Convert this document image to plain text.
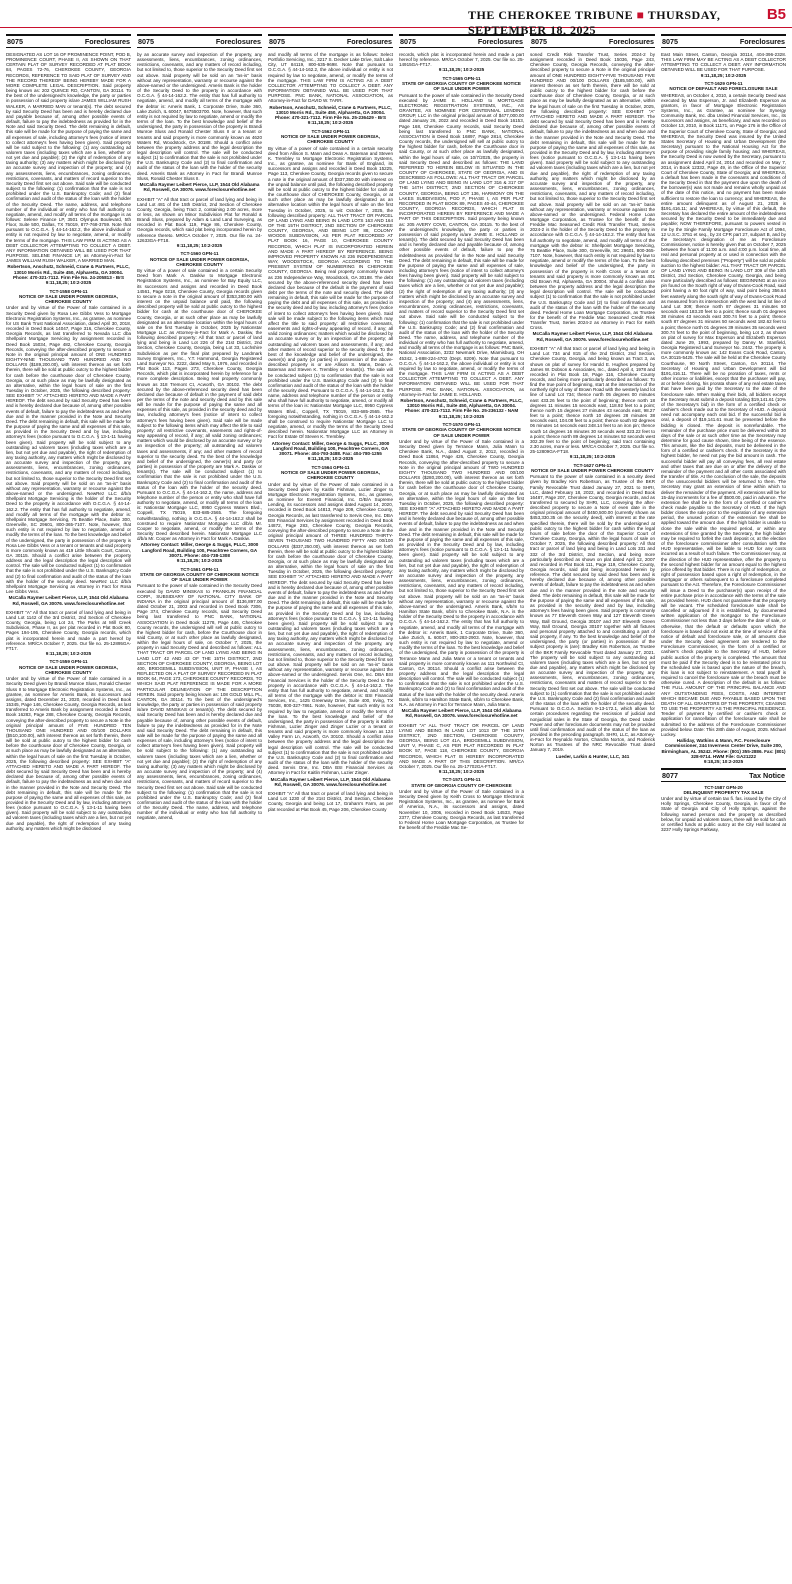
THE CHEROKEE TRIBUNE ■ THURSDAY, SEPTEMBER 18, 2025
B5
8075	Foreclosures
DESIGNATED AS LOT 16 OF PROMINENCE POINT, POD B, PROMINENCE COURT, PHASE II, AS SHOWN ON THAT CERTAIN PLAT OF SURVEY RECORDED AT PLAT BOOK 84, PAGES 72-76, CHEROKEE COUNTY, GEORGIA RECORDS, REFERENCE TO SAID PLAT OF SURVEY AND THE RECORD THEREOF BEING HEREBY MADE FOR A MORE COMPLETE LEGAL DESCRIPTION. Said property being known as: 202 QUINCE RD, CANTON, GA 30114. To the best of the undersigned's knowledge, the party or parties in possession of said property is/are JAMES WILLIAM RUSH WALKER, A MARRIED MAN or tenant(s). The debt secured by said Security Deed has been and is hereby declared due and payable because of, among other possible events of default, failure to pay the indebtedness as provided for in the Note and said Security Deed. The debt remaining in default, this sale will be made for the purpose of paying the same and all expenses of sale, including attorney's fees (notice of intent to collect attorney's fees having been given). Said property will be sold subject to the following: (1) any outstanding ad valorem taxes (including taxes which are a lien, whether or not yet due and payable); (2) the right of redemption of any taxing authority; (3) any matters which might be disclosed by an accurate survey and inspection of the property; and (4) any assessments, liens, encumbrances, zoning ordinances, restrictions, covenants, and matters of record superior to the Security Deed first set out above. Said sale will be conducted subject to the following: (1) confirmation that the sale is not prohibited under the U.S. Bankruptcy Code; and (2) final confirmation and audit of the status of the loan with the holder of the Security Deed. The name, address, and telephone number of the individual or entity who has full authority to negotiate, amend, and modify all terms of the mortgage is as follows: Selene Finance LP, 3501 Olympus Boulevard, 5th Floor, Suite 500, Dallas, TX 75019, 877-768-3759. Note that pursuant to O.C.G.A. § 44-14-162.2, the above individual or entity is not required by law to negotiate, amend, or modify the terms of the mortgage. THIS LAW FIRM IS ACTING AS A DEBT COLLECTOR ATTEMPTING TO COLLECT A DEBT. ANY INFORMATION OBTAINED WILL BE USED FOR THAT PURPOSE. SELENE FINANCE LP, as Attorney-in-Fact for JAMES WILLIAM RUSH WALKER, A MARRIED MAN.
Robertson, Anschutz, Schneid, Crane & Partners, PLLC, 13010 Morris Rd., Suite 450, Alpharetta, GA 30004. Phone: 470-321-7112. Firm File No. 24-205813 - BrS
9:11,18,25; 10:2-2025
TCT-1558 GPN-11
NOTICE OF SALE UNDER POWER GEORGIA, CHEROKEE COUNTY
Under and by virtue of the Power of Sale contained in a Security Deed given by Rosa Lee Gibbs Vess to Mortgage Electronic Registration Systems, Inc., as grantee, as nominee for US Bank Trust National Association, dated April 30, 2018, recorded in Deed Book 14047, Page 316, Cherokee County, Georgia Records, as last transferred to Nevada LLC dba Shellpoint Mortgage Servicing by assignment recorded in Deed Book 15034, Page 482, Cherokee County, Georgia Records, conveying the after-described property to secure a Note in the original principal amount of ONE HUNDRED EIGHTY-NINE THOUSAND TWO HUNDRED AND NO DOLLARS ($189,200.00), with interest thereon as set forth therein, there will be sold at public outcry to the highest bidder for cash before the courthouse door of Cherokee County, Georgia, or at such place as may be lawfully designated as an alternative, within the legal hours of sale on the first Tuesday in October, 2025, the following described property: SEE EXHIBIT "A" ATTACHED HERETO AND MADE A PART HEREOF. The debt secured by said Security Deed has been and is hereby declared due because of, among other possible events of default, failure to pay the indebtedness as and when due and in the manner provided in the Note and Security Deed. The debt remaining in default, this sale will be made for the purpose of paying the same and all expenses of this sale, as provided in the Security Deed and by law, including attorney's fees (notice pursuant to O.C.G.A. § 13-1-11 having been given). Said property will be sold subject to any outstanding ad valorem taxes (including taxes which are a lien, but not yet due and payable), the right of redemption of any taxing authority, any matters which might be disclosed by an accurate survey and inspection of the property, any assessments, liens, encumbrances, zoning ordinances, restrictions, covenants, and any matters of record including, but not limited to, those superior to the Security Deed first set out above. Said property will be sold on an "as-is" basis without any representation, warranty or recourse against the above-named or the undersigned. NewRez LLC d/b/a Shellpoint Mortgage Servicing is the holder of the Security Deed to the property in accordance with O.C.G.A. § 44-14-162.2. The entity that has full authority to negotiate, amend, and modify all terms of the mortgage with the debtor is: Shellpoint Mortgage Servicing, 75 Beattie Place, Suite 300, Greenville, SC 29601, 800-365-7107. Note, however, that such entity is not required by law to negotiate, amend or modify the terms of the loan. To the best knowledge and belief of the undersigned, the party in possession of the property is Rosa Lee Gibbs Vess or a tenant or tenants and said property is more commonly known as 419 Little Shoals Court, Canton, GA 30115. Should a conflict arise between the property address and the legal description the legal description will control. The sale will be conducted subject (1) to confirmation that the sale is not prohibited under the U.S. Bankruptcy Code and (2) to final confirmation and audit of the status of the loan with the holder of the security deed. NewRez LLC d/b/a Shellpoint Mortgage Servicing as Attorney in Fact for Rosa Lee Gibbs Vess.
McCalla Raymer Leibert Pierce, LLP, 1544 Old Alabama Rd, Roswell, GA 30076. www.foreclosurehotline.net
EXHIBIT "A" All that tract or parcel of land lying and being in Land Lot 1142 of the 3rd District, 2nd Section of Cherokee County, Georgia, being Lot 24, The Parks at Mill Creek Subdivision, Phase II, as per plat recorded in Plat Book 80, Pages 194-195, Cherokee County, Georgia records, which plat is incorporated herein and made a part hereof by reference. MR/CA October 7, 2025. Our file no. 25-12895GA-FT17.
9:11,18,25; 10:2-2025
TCT-1559 GPN-11
NOTICE OF SALE UNDER POWER GEORGIA, CHEROKEE COUNTY
Under and by virtue of the Power of Sale contained in a Security Deed given by Brandi Munroe Sluss, Ronald Chester Sluss II to Mortgage Electronic Registration Systems, Inc., as grantee, as nominee for Ameris Bank, its successors and assigns, dated December 21, 2020, recorded in Deed Book 15345, Page 146, Cherokee County, Georgia Records, as last transferred to Ameris Bank by assignment recorded in Deed Book 16283, Page 288, Cherokee County, Georgia Records, conveying the after-described property to secure a Note in the original principal amount of FIVE HUNDRED TEN THOUSAND ONE HUNDRED AND 00/100 DOLLARS ($510,100.00), with interest thereon as set forth therein, there will be sold at public outcry to the highest bidder for cash before the courthouse door of Cherokee County, Georgia, or at such place as may be lawfully designated as an alternative, within the legal hours of sale on the first Tuesday in October, 2025, the following described property: SEE EXHIBIT "A" ATTACHED HERETO AND MADE A PART HEREOF. The debt secured by said Security Deed has been and is hereby declared due because of, among other possible events of default, failure to pay the indebtedness as and when due and in the manner provided in the Note and Security Deed. The debt remaining in default, this sale will be made for the purpose of paying the same and all expenses of this sale, as provided in the Security Deed and by law, including attorney's fees (notice pursuant to O.C.G.A. § 13-1-11 having been given). Said property will be sold subject to any outstanding ad valorem taxes (including taxes which are a lien, but not yet due and payable), the right of redemption of any taxing authority, any matters which might be disclosed
8075	Foreclosures
by an accurate survey and inspection of the property, any assessments, liens, encumbrances, zoning ordinances, restrictions, covenants, and any matters of record including, but not limited to, those superior to the Security Deed first set out above. Said property will be sold on an "as-is" basis without any representation, warranty or recourse against the above-named or the undersigned. Ameris Bank is the holder of the Security Deed to the property in accordance with O.C.G.A. § 44-14-162.2. The entity that has full authority to negotiate, amend, and modify all terms of the mortgage with the debtor is: Ameris Bank, 1 Corporate Drive, Suite 360, Lake Zurich, IL 60047, 8475503700. Note, however, that such entity is not required by law to negotiate, amend or modify the terms of the loan. To the best knowledge and belief of the undersigned, the party in possession of the property is Brandi Munroe Sluss and Ronald Chester Sluss II or a tenant or tenants and said property is more commonly known as 4620 Waters Rd, Woodstock, GA 30188. Should a conflict arise between the property address and the legal description the legal description will control. The sale will be conducted subject (1) to confirmation that the sale is not prohibited under the U.S. Bankruptcy Code and (2) to final confirmation and audit of the status of the loan with the holder of the security deed. Ameris Bank as Attorney in Fact for Brandi Munroe Sluss, Ronald Chester Sluss II.
McCalla Raymer Leibert Pierce, LLP, 1544 Old Alabama Rd, Roswell, GA 30076. www.foreclosurehotline.net
EXHIBIT "A" All that tract or parcel of land lying and being in Land Lot 481 of the 15th District, 2nd Section of Cherokee County, Georgia, being Tract 2, containing 2.00 acres, more or less, as shown on Minor Subdivision Plat for Ronald & Brandi Sluss, prepared by Adam & Land Land Surveying, as recorded in Plat Book 119, Page 86, Cherokee County, Georgia records, which said plat being incorporated herein by reference thereto. MR/CA October 7, 2025. Our file no. 24-12633GA-FT18.
9:11,18,25; 10:2-2025
TCT-1560 GPN-11
NOTICE OF SALE UNDER POWER GEORGIA, CHEROKEE COUNTY
By virtue of a power of sale contained in a certain Security Deed from Mark A. Daskiw to Mortgage Electronic Registration Systems, Inc., as nominee for Bay Equity LLC, its successors and assigns and recorded in Deed Book 14561, Page 0218, Cherokee County, Georgia records given to secure a note in the original amount of $353,380.00 with interest on the unpaid balance until paid, the following described property will be sold at public outcry to the highest bidder for cash at the courthouse door of CHEROKEE County, Georgia, or at such other place as may be lawfully designated as an alternative location within the legal hours of sale on the first Tuesday in October, 2025 by Nationstar Mortgage LLC as Attorney-in-Fact for Mark A. Daskiw, the following described property: All that tract or parcel of land lying and being in Land Lot 226 of the 21st District, 2nd Section, Cherokee County, Georgia, being Lot 33, Lochshire Subdivision as per the final plat prepared by Landmark Survey Engineers, Inc., Y.T. Hammond, Georgia Registered Land Surveyor No. 2222, dated May 5, 1976, and recorded in Plat Book 113, Pages 273, Cherokee County, Georgia Records, which plat is incorporated herein by reference for a more complete description. Being real property commonly known as 318 Tremont Ct, Acworth, GA 30102. The debt secured by the above-referenced security deed has been declared due because of default in the payment of said debt per the terms of the note and security deed and by this sale will be made for the purpose of paying the same and all expenses of this sale, as provided in the security deed and by law, including attorney's fees (notice of intent to collect attorney's fees having been given). Said sale will be made subject to the following items which may affect the title to said property: all restrictive covenants, easements and rights-of-way appearing of record, if any; all valid zoning ordinances; matters which would be disclosed by an accurate survey or by an inspection of the property; all outstanding ad valorem taxes and assessments, if any; and other matters of record superior to the security deed. To the best of the knowledge and belief of the undersigned, the owner(s) and party (or parties) in possession of the property are Mark A. Daskiw or tenant(s). The sale will be conducted subject (1) to confirmation that the sale is not prohibited under the U.S. Bankruptcy Code and (2) to final confirmation and audit of the status of the loan with the holder of the security deed. Pursuant to O.C.G.A. § 44-14-162.2, the name, address and telephone number of the person or entity who shall have full authority to negotiate, amend, or modify all terms of the loan is: Nationstar Mortgage LLC, 8950 Cypress Waters Blvd., Coppell, TX 75019, 833-685-2565. The foregoing notwithstanding, nothing in O.C.G.A. § 44-14-162.2 shall be construed to require Nationstar Mortgage LLC d/b/a Mr. Cooper to negotiate, amend, or modify the terms of the Security Deed described herein. Nationstar Mortgage LLC d/b/a Mr. Cooper as Attorney in Fact for Mark A. Daskiw.
Attorney Contact: Miller, George & Suggs, PLLC, 3000 Langford Road, Building 100, Peachtree Corners, GA 30071. Phone: 404-738-1308
9:11,18,25; 10:2-2025
TCT-1561 GPN-11
STATE OF GEORGIA COUNTY OF CHEROKEE NOTICE OF SALE UNDER POWER
Pursuant to the power of sale contained in the Security Deed executed by DAVID MINSKAS to FRANKLIN FINANCIAL CORP., SUBSIDIARY OF NATIONAL CITY BANK OF INDIANA in the original principal amount of $136,897.00 dated October 21, 2003 and recorded in Deed Book 7306, Page 374, Cherokee County records, said Security Deed being last transferred to PNC BANK, NATIONAL ASSOCIATION in Deed Book 11278, Page 446, Cherokee County records, the undersigned will sell at public outcry to the highest bidder for cash, before the Courthouse door in said County, or at such other place as lawfully designated, within the legal hours of sale, on October 7, 2025, the property in said Security Deed and described as follows: ALL THAT TRACT OR PARCEL OF LAND LYING AND BEING IN LAND LOT 42 AND 43 OF THE 15TH DISTRICT, 2ND SECTION OF CHEROKEE COUNTY, GEORGIA, BEING LOT 400, BRIDGEMILL SUBDIVISION, UNIT IF, PHASE I, AS REFLECTED ON A PLAT OF SURVEY RECORDED IN PLAT BOOK 64, PAGE 173, CHEROKEE COUNTY RECORDS, TO WHICH SAID PLAT REFERENCE IS MADE FOR A MORE PARTICULAR DELINEATION OF THE DESCRIPTION HEREIN. Said property being known as: 108 GOLD MILL PL, CANTON, GA 30114. To the best of the undersigned's knowledge, the party or parties in possession of said property is/are DAVID MINSKAS or tenant(s). The debt secured by said Security Deed has been and is hereby declared due and payable because of, among other possible events of default, failure to pay the indebtedness as provided for in the Note and said Security Deed. The debt remaining in default, this sale will be made for the purpose of paying the same and all expenses of sale, including attorney's fees (notice of intent to collect attorney's fees having been given). Said property will be sold subject to the following: (1) any outstanding ad valorem taxes (including taxes which are a lien, whether or not yet due and payable); (2) the right of redemption of any taxing authority; (3) any matters which might be disclosed by an accurate survey and inspection of the property; and (4) any assessments, liens, encumbrances, zoning ordinances, restrictions, covenants, and matters of record superior to the Security Deed first set out above. Said sale will be conducted subject to the following: (1) confirmation that the sale is not prohibited under the U.S. Bankruptcy Code; and (2) final confirmation and audit of the status of the loan with the holder of the Security Deed. The name, address, and telephone number of the individual or entity who has full authority to negotiate, amend,
8075	Foreclosures
and modify all terms of the mortgage is as follows: Select Portfolio Servicing, Inc., 3217 S. Decker Lake Drive, Salt Lake City, UT 84119, 800-635-9698. Note that pursuant to O.C.G.A. § 44-14-162.2, the above individual or entity is not required by law to negotiate, amend, or modify the terms of the mortgage. THIS LAW FIRM IS ACTING AS A DEBT COLLECTOR ATTEMPTING TO COLLECT A DEBT. ANY INFORMATION OBTAINED WILL BE USED FOR THAT PURPOSE. PNC BANK, NATIONAL ASSOCIATION, as Attorney-in-Fact for DAVID W. TARR.
Robertson, Anschutz, Schneid, Crane & Partners, PLLC, 13010 Morris Rd., Suite 450, Alpharetta, GA 30004. Phone: 470-321-7112. Firm File No. 25-236429 - BrS
9:11,18,25; 10:2-2025
TCT-1562 GPN-11
NOTICE OF SALE UNDER POWER GEORGIA, CHEROKEE COUNTY
By virtue of a power of sale contained in a certain security deed from Allison S. Mann and Dean A. Bateman and Steven K. Trembley to Mortgage Electronic Registration Systems, Inc., as grantee, as nominee for Bank of England, its successors and assigns and recorded in Deed Book 15225, Page 113, Cherokee County, Georgia records given to secure a note in the original amount of $337,350.00 with interest on the unpaid balance until paid, the following described property will be sold at public outcry to the highest bidder for cash at the courthouse door of CHEROKEE County, Georgia, or at such other place as may be lawfully designated as an alternative location within the legal hours of sale on the first Tuesday in October, 2025, to wit: October 7, 2025, the following described property: ALL THAT TRACT OR PARCEL OF LAND LYING AND BEING IN LAND LOTS 163 AND 164 OF THE 15TH DISTRICT, 2ND SECTION OF CHEROKEE COUNTY, GEORGIA, AND BEING LOT 88, COLONY WOODS SUBDIVISION, AS PER PLAT RECORDED AT PLAT BOOK 16, PAGE 10, CHEROKEE COUNTY RECORDS, WHICH PLAT IS INCORPORATED HEREIN AND MADE A PART HEREOF BY REFERENCE. BEING IMPROVED PROPERTY KNOWN AS 236 INDEPENDENCE WAY, WOODSTOCK, GEORGIA ACCORDING TO THE PRESENT SYSTEM OF NUMBERING IN CHEROKEE COUNTY, GEORGIA. Being real property commonly known as 236 Independence Way, Woodstock, GA 30188. The debt secured by the above-referenced security deed has been declared due because of the default in the payment of said debt per the terms of the note and security deed. The debt remaining in default, this sale will be made for the purpose of paying the debt and all expenses of this sale, as provided in the security deed and by law, including attorney's fees (notice of intent to collect attorney's fees having been given). Said sale will be made subject to the following items which may affect the title to said property: all restrictive covenants, easements and rights-of-way appearing of record, if any; all valid zoning ordinances; matters which would be disclosed by an accurate survey or by an inspection of the property; all outstanding ad valorem taxes and assessments, if any; and other matters of record superior to the security deed. To the best of the knowledge and belief of the undersigned, the owner(s) and party (or parties) in possession of the above-described property is or are Allison S. Mann, Dean A. Bateman and Steven K. Trembley or tenant(s). The sale will be conducted subject (1) to confirmation that the sale is not prohibited under the U.S. Bankruptcy Code and (2) to final confirmation and audit of the status of the loan with the holder of the security deed. Pursuant to O.C.G.A. § 44-14-162.2, the name, address and telephone number of the person or entity who shall have full authority to negotiate, amend, or modify all terms of the loan is: Nationstar Mortgage LLC, 8950 Cypress Waters Blvd., Coppell, TX 75019, 833-685-2565. The foregoing notwithstanding, nothing in O.C.G.A. § 44-14-162.2 shall be construed to require Nationstar Mortgage LLC to negotiate, amend, or modify the terms of the Security Deed described herein. Nationstar Mortgage LLC as Attorney in Fact for Estate Of Steven K. Trembley.
Attorney Contact: Miller, George & Suggs, PLLC, 3000 Langford Road, Building 100, Peachtree Corners, GA 30071. Phone: 404-793-3488. Fax: 404-780-1255
9:11,18,25; 10:2-2025
TCT-1564 GPN-11
NOTICE OF SALE UNDER POWER GEORGIA, CHEROKEE COUNTY
Under and by virtue of the Power of Sale contained in a Security Deed given by Kaitlin Fishman, Luzier Zinger to Mortgage Electronic Registration Systems, Inc., as grantee, as nominee for Everett Financial, Inc. D/B/A Supreme Lending, its successors and assigns dated August 14, 2020, recorded in Deed Book 14813, Page 209, Cherokee County, Georgia Records, as last transferred to Servis One, Inc. DBA BSI Financial Services by assignment recorded in Deed Book 14872, Page 283, Cherokee County, Georgia Records, conveying the after-described property to secure a Note in the original principal amount of THREE HUNDRED THIRTY-SEVEN THOUSAND TWO HUNDRED FIFTY AND 00/100 DOLLARS ($337,250.00), with interest thereon as set forth therein, there will be sold at public outcry to the highest bidder for cash before the courthouse door of Cherokee County, Georgia, or at such place as may be lawfully designated as an alternative, within the legal hours of sale on the first Tuesday in October, 2025, the following described property: SEE EXHIBIT "A" ATTACHED HERETO AND MADE A PART HEREOF. The debt secured by said Security Deed has been and is hereby declared due because of, among other possible events of default, failure to pay the indebtedness as and when due and in the manner provided in the Note and Security Deed. The debt remaining in default, this sale will be made for the purpose of paying the same and all expenses of this sale, as provided in the Security Deed and by law, including attorney's fees (notice pursuant to O.C.G.A. § 13-1-11 having been given). Said property will be sold subject to any outstanding ad valorem taxes (including taxes which are a lien, but not yet due and payable), the right of redemption of any taxing authority, any matters which might be disclosed by an accurate survey and inspection of the property, any assessments, liens, encumbrances, zoning ordinances, restrictions, covenants, and any matters of record including, but not limited to, those superior to the Security Deed first set out above. Said property will be sold on an "as-is" basis without any representation, warranty or recourse against the above-named or the undersigned. Servis One, Inc. DBA BSI Financial Services is the holder of the Security Deed to the property in accordance with O.C.G.A. § 44-14-162.2. The entity that has full authority to negotiate, amend, and modify all terms of the mortgage with the debtor is: BSI Financial Services, Inc., 1425 Greenway Drive, Suite 400, Irving, TX 75038, 800-327-7861. Note, however, that such entity is not required by law to negotiate, amend or modify the terms of the loan. To the best knowledge and belief of the undersigned, the party in possession of the property is Kaitlin Fishman, Luzier Zinger and Zinger Luzier or a tenant or tenants and said property is more commonly known as 124 Valley Farm Ln, Acworth, GA 30102. Should a conflict arise between the property address and the legal description the legal description will control. The sale will be conducted subject (1) to confirmation that the sale is not prohibited under the U.S. Bankruptcy Code and (2) to final confirmation and audit of the status of the loan with the holder of the security deed. Servis One, Inc. DBA BSI Financial Services as Attorney in Fact for Kaitlin Fishman, Luzier Zinger.
McCalla Raymer Leibert Pierce, LLP, 1544 Old Alabama Rd, Roswell, GA 30076. www.foreclosurehotline.net
EXHIBIT "A" All that tract or parcel of land lying and being in Land Lot 1230 of the 21st District, 2nd Section, Cherokee County, Georgia and being Lot 17, Graham's Farm, as per plat recorded at Plat Book 45, Page 206, Cherokee County
8075	Foreclosures
records, which plat is incorporated herein and made a part hereof by reference. MR/CA October 7, 2025. Our file no. 25-14915GA-FT17.
9:11,18,25; 10:2-2025
TCT-1565 GPN-11
STATE OF GEORGIA COUNTY OF CHEROKEE NOTICE OF SALE UNDER POWER
Pursuant to the power of sale contained in the Security Deed executed by JAIME E. HOLLAND to MORTGAGE ELECTRONIC REGISTRATION SYSTEMS, INC., AS GRANTEE, AS NOMINEE FOR CENTENNIAL LENDING GROUP, LLC in the original principal amount of $477,000.00 dated January 26, 2022 and recorded in Deed Book 16153, Page 168, Cherokee County records, said Security Deed being last transferred to PNC BANK, NATIONAL ASSOCIATION in Deed Book 16897, Page 2814, Cherokee County records, the undersigned will sell at public outcry to the highest bidder for cash, before the Courthouse door in said County, or at such other place as lawfully designated, within the legal hours of sale, on 10/7/2025, the property in said Security Deed and described as follows: THE LAND REFERRED TO HEREIN BELOW IS SITUATED IN THE COUNTY OF CHEROKEE, STATE OF GEORGIA, AND IS DESCRIBED AS FOLLOWS: ALL THAT TRACT OR PARCEL OF LAND LYING AND BEING IN LAND LOT 316 & 317 OF THE 14TH DISTRICT, 2ND SECTION OF CHEROKEE COUNTY, GEORGIA, BEING LOT 136, HARMONY ON THE LAKES SUBDIVISION, POD F, PHASE I, AS PER PLAT RECORDED IN PLAT BOOK 89, PAGES 40-44, CHEROKEE COUNTY, GEORGIA RECORDS, WHICH PLAT IS INCORPORATED HEREIN BY REFERENCE AND MADE A PART OF THIS DESCRIPTION. Said property being known as: 205 AVERY COVE, CANTON, GA 30115. To the best of the undersigned's knowledge, the party or parties in possession of said property is/are JAIME E. HOLLAND or tenant(s). The debt secured by said Security Deed has been and is hereby declared due and payable because of, among other possible events of default, failure to pay the indebtedness as provided for in the Note and said Security Deed. The debt remaining in default, this sale will be made for the purpose of paying the same and all expenses of sale, including attorney's fees (notice of intent to collect attorney's fees having been given). Said property will be sold subject to the following: (1) any outstanding ad valorem taxes (including taxes which are a lien, whether or not yet due and payable); (2) the right of redemption of any taxing authority; (3) any matters which might be disclosed by an accurate survey and inspection of the property; and (4) any assessments, liens, encumbrances, zoning ordinances, restrictions, covenants, and matters of record superior to the Security Deed first set out above. Said sale will be conducted subject to the following: (1) confirmation that the sale is not prohibited under the U.S. Bankruptcy Code; and (2) final confirmation and audit of the status of the loan with the holder of the Security Deed. The name, address, and telephone number of the individual or entity who has full authority to negotiate, amend, and modify all terms of the mortgage is as follows: PNC Bank, National Association, 3232 Newmark Drive, Miamisburg, OH 45342, 1-888-224-4702 (Dept. 8209). Note that pursuant to O.C.G.A. § 44-14-162.2, the above individual or entity is not required by law to negotiate, amend, or modify the terms of the mortgage. THIS LAW FIRM IS ACTING AS A DEBT COLLECTOR ATTEMPTING TO COLLECT A DEBT. ANY INFORMATION OBTAINED WILL BE USED FOR THAT PURPOSE. PNC BANK, NATIONAL ASSOCIATION, as Attorney-in-Fact for JAIME E. HOLLAND.
Robertson, Anschutz, Schneid, Crane & Partners, PLLC, 13010 Morris Rd., Suite 450, Alpharetta, GA 30004. Phone: 470-321-7112. Firm File No. 25-236132 - NAM
9:11,18,25; 10:2-2025
TCT-1570 GPN-11
STATE OF GEORGIA COUNTY OF CHEROKEE NOTICE OF SALE UNDER POWER
Under and by virtue of the Power of Sale contained in a Security Deed given by Terrance Mann, Julia Mann to Cherokee Bank, N.A., dated August 2, 2012, recorded in Deed Book 11864, Page 426, Cherokee County, Georgia Records, conveying the after-described property to secure a Note in the original principal amount of TWO HUNDRED EIGHTY THOUSAND TWO HUNDRED AND 00/100 DOLLARS ($280,200.00), with interest thereon as set forth therein, there will be sold at public outcry to the highest bidder for cash before the courthouse door of Cherokee County, Georgia, or at such place as may be lawfully designated as an alternative, within the legal hours of sale on the first Tuesday in October, 2025, the following described property: SEE EXHIBIT "A" ATTACHED HERETO AND MADE A PART HEREOF. The debt secured by said Security Deed has been and is hereby declared due because of, among other possible events of default, failure to pay the indebtedness as and when due and in the manner provided in the Note and Security Deed. The debt remaining in default, this sale will be made for the purpose of paying the same and all expenses of this sale, as provided in the Security Deed and by law, including attorney's fees (notice pursuant to O.C.G.A. § 13-1-11 having been given). Said property will be sold subject to any outstanding ad valorem taxes (including taxes which are a lien, but not yet due and payable), the right of redemption of any taxing authority, any matters which might be disclosed by an accurate survey and inspection of the property, any assessments, liens, encumbrances, zoning ordinances, restrictions, covenants, and any matters of record including, but not limited to, those superior to the Security Deed first set out above. Said property will be sold on an "as-is" basis without any representation, warranty or recourse against the above-named or the undersigned. Ameris Bank, s/b/m to Hamilton State Bank, s/b/m to Cherokee Bank, N.A. is the holder of the Security Deed to the property in accordance with O.C.G.A. § 44-14-162.2. The entity that has full authority to negotiate, amend, and modify all terms of the mortgage with the debtor is: Ameris Bank, 1 Corporate Drive, Suite 360, Lake Zurich, IL 60047, 800-283-2903. Note, however, that such entity is not required by law to negotiate, amend or modify the terms of the loan. To the best knowledge and belief of the undersigned, the party in possession of the property is Terrance Mann and Julia Mann or a tenant or tenants and said property is more commonly known as 111 Northwind Ct, Canton, GA 30114. Should a conflict arise between the property address and the legal description the legal description will control. The sale will be conducted subject (1) to confirmation that the sale is not prohibited under the U.S. Bankruptcy Code and (2) to final confirmation and audit of the status of the loan with the holder of the security deed. Ameris Bank, s/b/m to Hamilton State Bank, s/b/m to Cherokee Bank, N.A. as Attorney in Fact for Terrance Mann, Julia Mann.
McCalla Raymer Leibert Pierce, LLP, 1544 Old Alabama Rd, Roswell, GA 30076. www.foreclosurehotline.net
EXHIBIT "A" ALL THAT TRACT OR PARCEL OF LAND LYING AND BEING IN LAND LOT 1013 OF THE 15TH DISTRICT, 2ND SECTION, CHEROKEE COUNTY, GEORGIA, BEING LOT 41A, BRIDGEMILL SUBDIVISION, UNIT V, PHASE C, AS PER PLAT RECORDED IN PLAT BOOK 57, PAGE 118, CHEROKEE COUNTY, GEORGIA RECORDS, WHICH PLAT IS HEREBY INCORPORATED AND MADE A PART OF THIS DESCRIPTION. MR/CA October 7, 2025. Our file no. 25-17702GA-FT17.
9:11,18,25; 10:2-2025
TCT-1571 GPN-11
STATE OF GEORGIA COUNTY OF CHEROKEE
Under and by virtue of the Power of Sale contained in a Security Deed given by Keith Cross to Mortgage Electronic Registration Systems, Inc., as grantee, as nominee for Bank of America, N.A., its successors and assigns, dated November 10, 2006, recorded in Deed Book 14533, Page 2377, Cherokee County, Georgia Records, as last transferred to Federal Home Loan Mortgage Corporation, as Trustee for the benefit of the Freddie Mac Se-
8075	Foreclosures
soned Credit Risk Transfer Trust, Series 2024-2 by assignment recorded in Deed Book 15036, Page 243, Cherokee County, Georgia Records, conveying the after-described property to secure a Note in the original principal amount of ONE HUNDRED EIGHTY-FIVE THOUSAND FIVE HUNDRED AND 00/100 DOLLARS ($185,500.00), with interest thereon as set forth therein, there will be sold at public outcry to the highest bidder for cash before the courthouse door of Cherokee County, Georgia, or at such place as may be lawfully designated as an alternative, within the legal hours of sale on the first Tuesday in October, 2025, the following described property: SEE EXHIBIT "A" ATTACHED HERETO AND MADE A PART HEREOF. The debt secured by said Security Deed has been and is hereby declared due because of, among other possible events of default, failure to pay the indebtedness as and when due and in the manner provided in the Note and Security Deed. The debt remaining in default, this sale will be made for the purpose of paying the same and all expenses of this sale, as provided in the Security Deed and by law, including attorney's fees (notice pursuant to O.C.G.A. § 13-1-11 having been given). Said property will be sold subject to any outstanding ad valorem taxes (including taxes which are a lien, but not yet due and payable), the right of redemption of any taxing authority, any matters which might be disclosed by an accurate survey and inspection of the property, any assessments, liens, encumbrances, zoning ordinances, restrictions, covenants, and any matters of record including, but not limited to, those superior to the Security Deed first set out above. Said property will be sold on an "as-is" basis without any representation, warranty or recourse against the above-named or the undersigned. Federal Home Loan Mortgage Corporation, as Trustee for the benefit of the Freddie Mac Seasoned Credit Risk Transfer Trust, Series 2024-2 is the holder of the Security Deed to the property in accordance with O.C.G.A. § 44-14-162.2. The entity that has full authority to negotiate, amend, and modify all terms of the mortgage with the debtor is: Shellpoint Mortgage Servicing, 75 Beattie Place, Suite 300, Greenville, SC 29601, 800-365-7107. Note, however, that such entity is not required by law to negotiate, amend or modify the terms of the loan. To the best knowledge and belief of the undersigned, the party in possession of the property is Keith Cross or a tenant or tenants and said property is more commonly known as 401 Old Brown Rd, Alpharetta, GA 30004. Should a conflict arise between the property address and the legal description the legal description will control. The sale will be conducted subject (1) to confirmation that the sale is not prohibited under the U.S. Bankruptcy Code and (2) to final confirmation and audit of the status of the loan with the holder of the security deed. Federal Home Loan Mortgage Corporation, as Trustee for the benefit of the Freddie Mac Seasoned Credit Risk Transfer Trust, Series 2024-2 as Attorney in Fact for Keith Cross.
McCalla Raymer Leibert Pierce, LLP, 1544 Old Alabama Rd, Roswell, GA 30076. www.foreclosurehotline.net
EXHIBIT "A" All that tract or parcel of land lying and being in Land Lot 734 and 815 of the 2nd District, 2nd Section, Cherokee County, Georgia, and being known as Tract 3, as shown on plat of survey for Harold E. Hughes prepared by James W. Dobson & Associates, Inc., dated April 4, 1978 and recorded in Plat Book 18, Page 116, Cherokee County records, and being more particularly described as follows: To find the true point of beginning, start at the intersection of the northerly right of way of Brown Road with the westerly land lot line of Land Lot 734; thence north 05 degrees 00 minutes east 433.26 feet to the point of beginning; thence north 18 degrees 11 minutes 15 seconds east, 118.92 feet to a point; thence north 15 degrees 27 minutes 43 seconds east, 98.27 feet to a point; thence north 10 degrees 28 minutes 38 seconds east, 104.08 feet to a point; thence south 82 degrees 06 minutes 14 seconds east 348.14 feet to an iron pin; thence south 14 degrees 16 minutes 30 seconds west 323.22 feet to a point; thence north 89 degrees 14 minutes 52 seconds west 302.39 feet to the point of beginning; said tract containing 2.30 acres, more or less. MR/CA October 7, 2025. Our file no. 25-12809GA-FT18.
9:11,18,25; 10:2-2025
TCT-1627 GPN-11
NOTICE OF SALE UNDER POWER CHEROKEE COUNTY
Pursuant to the power of sale contained in a security deed given by Bradley Kim Robertson, as Trustee of the BKR Family Revocable Trust dated January 27, 2021 to SHRI, LLC, dated February 18, 2022, and recorded in Deed Book 16487, Page 207, Cherokee County, Georgia records, and as transferred to secured by SHRI, LLC, conveying the after-described property to secure a Note of even date in the original principal amount of $450,500.00 (currently shown as $453,330.35 on the security deed), with interest at the rate specified therein, there will be sold by the undersigned at public outcry to the highest bidder for cash within the legal hours of sale before the door of the Superior Court of Cherokee County, Georgia, within the legal hours of sale on October 7, 2025, the following described property: All that tract or parcel of land lying and being in Land Lots 331 and 332 of the 3rd District, 2nd Section, and being more particularly described as shown on plat dated April 12, 2007 and recorded in Plat Book 111, Page 119, Cherokee County, Georgia records, said plat being incorporated herein by reference. The debt secured by said deed has been and is hereby declared due because of, among other possible events of default, failure to pay the indebtedness as and when due and in the manner provided in the note and security deed. The debt remaining in default, this sale will be made for the purpose of paying the same and all expenses of this sale, as provided in the security deed and by law, including attorney's fees having been given. Said property is commonly known as 77 Eleventh Green Way and 127 Eleventh Green Way, Ball Ground, Georgia 30107 and 257 Eleventh Green Way, Ball Ground, Georgia 30107 together with all fixtures and personal property attached to and constituting a part of said property, if any. To the best knowledge and belief of the undersigned, the party (or parties) in possession of the subject property is (are): Bradley Kim Robertson, as Trustee of the BKR Family Revocable Trust dated January 27, 2021. The property will be sold subject to any outstanding ad valorem taxes (including taxes which are a lien, but not yet due and payable), any matters which might be disclosed by an accurate survey and inspection of the property, any assessments, liens, encumbrances, zoning ordinances, restrictions, covenants and matters of record superior to the Security Deed first set out above. The sale will be conducted subject to (1) confirmation that the sale is not prohibited under the U.S. Bankruptcy Code and (2) final confirmation and audit of the status of the loan with the holder of the security deed. Pursuant to O.C.G.A. Section 9-13-172.1, which allows for certain procedures regarding the rescission of judicial and nonjudicial sales in the State of Georgia, the Deed Under Power and other foreclosure documents may not be provided until final confirmation and audit of the status of the loan as provided in the preceding paragraph. SHRI, LLC, as Attorney-in-Fact for Reynaldo Norton, Chandra Norton, and Roderick Norton as Trustees of the NRC Revocable Trust dated January 7, 2019.
Lueder, Larkin & Hunter, LLC, 341
8075	Foreclosures
East Main Street, Canton, Georgia 30114, 404-396-2328. THIS LAW FIRM MAY BE ACTING AS A DEBT COLLECTOR ATTEMPTING TO COLLECT A DEBT. ANY INFORMATION OBTAINED WILL BE USED FOR THAT PURPOSE.
9:11,18,25; 10:2-2025
TCT-1629 GPN-11
NOTICE OF DEFAULT AND FORECLOSURE SALE
WHEREAS, on October 4, 2010, a certain Security Deed was executed by Max Esperson, Jr. and Elizabeth Esperson as grantors, in favor of Mortgage Electronic Registration Systems, Inc., as Grantee, as nominee for Synergy Community Bank, Inc. dba United Financial Services, Inc., its successors and assigns, as beneficiary, and was recorded on October 13, 2010, in Book 11171, on Page 176 in the Office of the Superior Court of Cherokee County, State of Georgia; and WHEREAS, the Security Deed was insured by the United States Secretary of Housing and Urban Development (the Secretary) pursuant to the National Housing Act for the purpose of providing single family housing; and WHEREAS, the Security Deed is now owned by the Secretary, pursuant to an assignment dated April 24, 2014 and recorded on May 7, 2014, in Book 12332, Page 49, in the Office of the Superior Court of Cherokee County, State of Georgia; and WHEREAS, a default has been made in the covenants and conditions of the Security Deed in that the payment due upon the death of the borrower(s) was not made and remains wholly unpaid as of the date of this notice, and no payment has been made sufficient to restore the loan to currency; and WHEREAS, the entire amount delinquent as of August 21, 2025 is $191,416.11; and WHEREAS, by virtue of this default, the Secretary has declared the entire amount of the indebtedness secured by the Security Deed to be immediately due and payable; NOW THEREFORE, pursuant to powers vested in me by the Single Family Mortgage Foreclosure Act of 1994, 12 U.S.C. 3751 et seq., by 24 CFR part 27, subpart B, and by the Secretary's designation of me as Foreclosure Commissioner, notice is hereby given that on October 7, 2025 between the hours of 11:00 a.m. and 4:00 p.m. local time, all real and personal property at or used in connection with the following described premises ("Property") will be sold at public auction to the highest bidder: ALL THAT TRACT OR PARCEL OF LAND LYING AND BEING IN LAND LOT 309 of the 14th District, 2nd Section, Cherokee County, Georgia, and being more particularly described as follows: BEGINNING at an iron pin found on the South right of way of Evans-Cook Road, said point having a 60 foot right of way, said point being 356.64 feet easterly along the south right of way of Evans-Cook Road as measured from its intersection with the west land lot line of Land Lot 309; thence north 87 degrees 31 minutes 50 seconds east 183.20 feet to a point; thence south 01 degrees 38 minutes 43 seconds east 300.74 feet to a point; thence south 87 degrees 31 minutes 50 seconds west 182.62 feet to a point; thence north 01 degrees 39 minutes 35 seconds west 300.74 feet to the point of beginning, being Lot 2, as shown on plat of survey for Max Esperson and Elizabeth Esperson dated June 29, 1993, prepared by Danny M. Stanfield, Georgia Registered Land Surveyor No. 2442. The property is more commonly known as: 142 Evans Cook Road, Canton, GA 30115-5425. The sale will be held at the Cherokee County Courthouse, 90 North Street, Canton, GA 30114. The Secretary of Housing and Urban Development will bid $191,416.11. There will be no proration of taxes, rents or other income or liabilities, except that the purchaser will pay, at or before closing, his prorata share of any real estate taxes that have been paid by the Secretary to the date of the foreclosure sale. When making their bids, all bidders except the Secretary must submit a deposit totaling $19,141.61 (10% of the Secretary's bid) in the form of a certified check or cashier's check made out to the Secretary of HUD. A deposit need not accompany each oral bid. If the successful bid is oral, a deposit of $19,141.61 must be presented before the bidding is closed. The deposit is nonrefundable. The remainder of the purchase price must be delivered within 30 days of the sale or at such other time as the Secretary may determine for good cause shown, time being of the essence. This amount, like the bid deposits, must be delivered in the form of a certified or cashier's check. If the Secretary is the highest bidder, he need not pay the bid amount in cash. The successful bidder will pay all conveying fees, all real estate and other taxes that are due on or after the delivery of the remainder of the payment and all other costs associated with the transfer of title. At the conclusion of the sale, the deposits of the unsuccessful bidders will be returned to them. The Secretary may grant an extension of time within which to deliver the remainder of the payment. All extensions will be for 15-day increments for a fee of $500.00, paid in advance. The extension fee shall be in the form of a certified or cashier's check made payable to the Secretary of HUD. If the high bidder closes the sale prior to the expiration of any extension period, the unused portion of the extension fee shall be applied toward the amount due. If the high bidder is unable to close the sale within the required period, or within any extensions of time granted by the Secretary, the high bidder may be required to forfeit the cash deposit or, at the election of the foreclosure commissioner after consultation with the HUD representative, will be liable to HUD for any costs incurred as a result of such failure. The Commissioner may, at the direction of the HUD representative, offer the property to the second highest bidder for an amount equal to the highest price offered by that bidder. There is no right of redemption, or right of possession based upon a right of redemption, in the mortgagor or others subsequent to a foreclosure completed pursuant to the Act. Therefore, the Foreclosure Commissioner will issue a Deed to the purchaser(s) upon receipt of the entire purchase price in accordance with the terms of the sale as provided herein. HUD does not guarantee that the property will be vacant. The scheduled foreclosure sale shall be cancelled or adjourned if it is established, by documented written application of the mortgagor to the Foreclosure Commissioner not less than 3 days before the date of sale, or otherwise, that the default or defaults upon which the foreclosure is based did not exist at the time of service of this notice of default and foreclosure sale, or all amounts due under the Security deed agreement are tendered to the Foreclosure Commissioner, in the form of a certified or cashier's check payable to the Secretary of HUD, before public auction of the property is completed. The amount that must be paid if the Security deed is to be reinstated prior to the scheduled sale is based upon the nature of the breach, this loan is not subject to reinstatement. A total payoff is required to cancel the foreclosure sale or the breach must be otherwise cured. A description of the default is as follows: THE FULL AMOUNT OF THE PRINCIPAL BALANCE AND ANY OUTSTANDING FEES, COSTS, AND INTEREST WHICH BECAME DUE AND PAYABLE BASED UPON THE DEATH OF ALL GRANTORS OF THE PROPERTY, CEASING TO USE THE PROPERTY AS THE PRINCIPAL RESIDENCE. Tender of payment by certified or cashier's check or application for cancellation of the foreclosure sale shall be submitted to the address of the Foreclosure Commissioner provided below. Date: This 28th date of August, 2025. Michael Luckey.
Halliday, Watkins & Mann, P.C. Foreclosure Commissioner, 244 Inverness Center Drive, Suite 200, Birmingham, AL 35242. Phone: (801) 355-2886. Fax: (801) 328-9714. HWM File: GA21222
9:18,25; 10:2-2025
8077	Tax Notice
TCT-1587 GPN-20
DELINQUENT PROPERTY TAX SALE
Under and by virtue of certain tax fi. fas. issued by the City of Holly Springs, Cherokee County, Georgia, in favor of the State of Georgia and City of Holly Springs, against the following named persons and the property as described below, for unpaid ad valorem taxes, there will be sold for cash or certified funds at public outcry at the City Hall located at 3237 Holly Springs Parkway,
